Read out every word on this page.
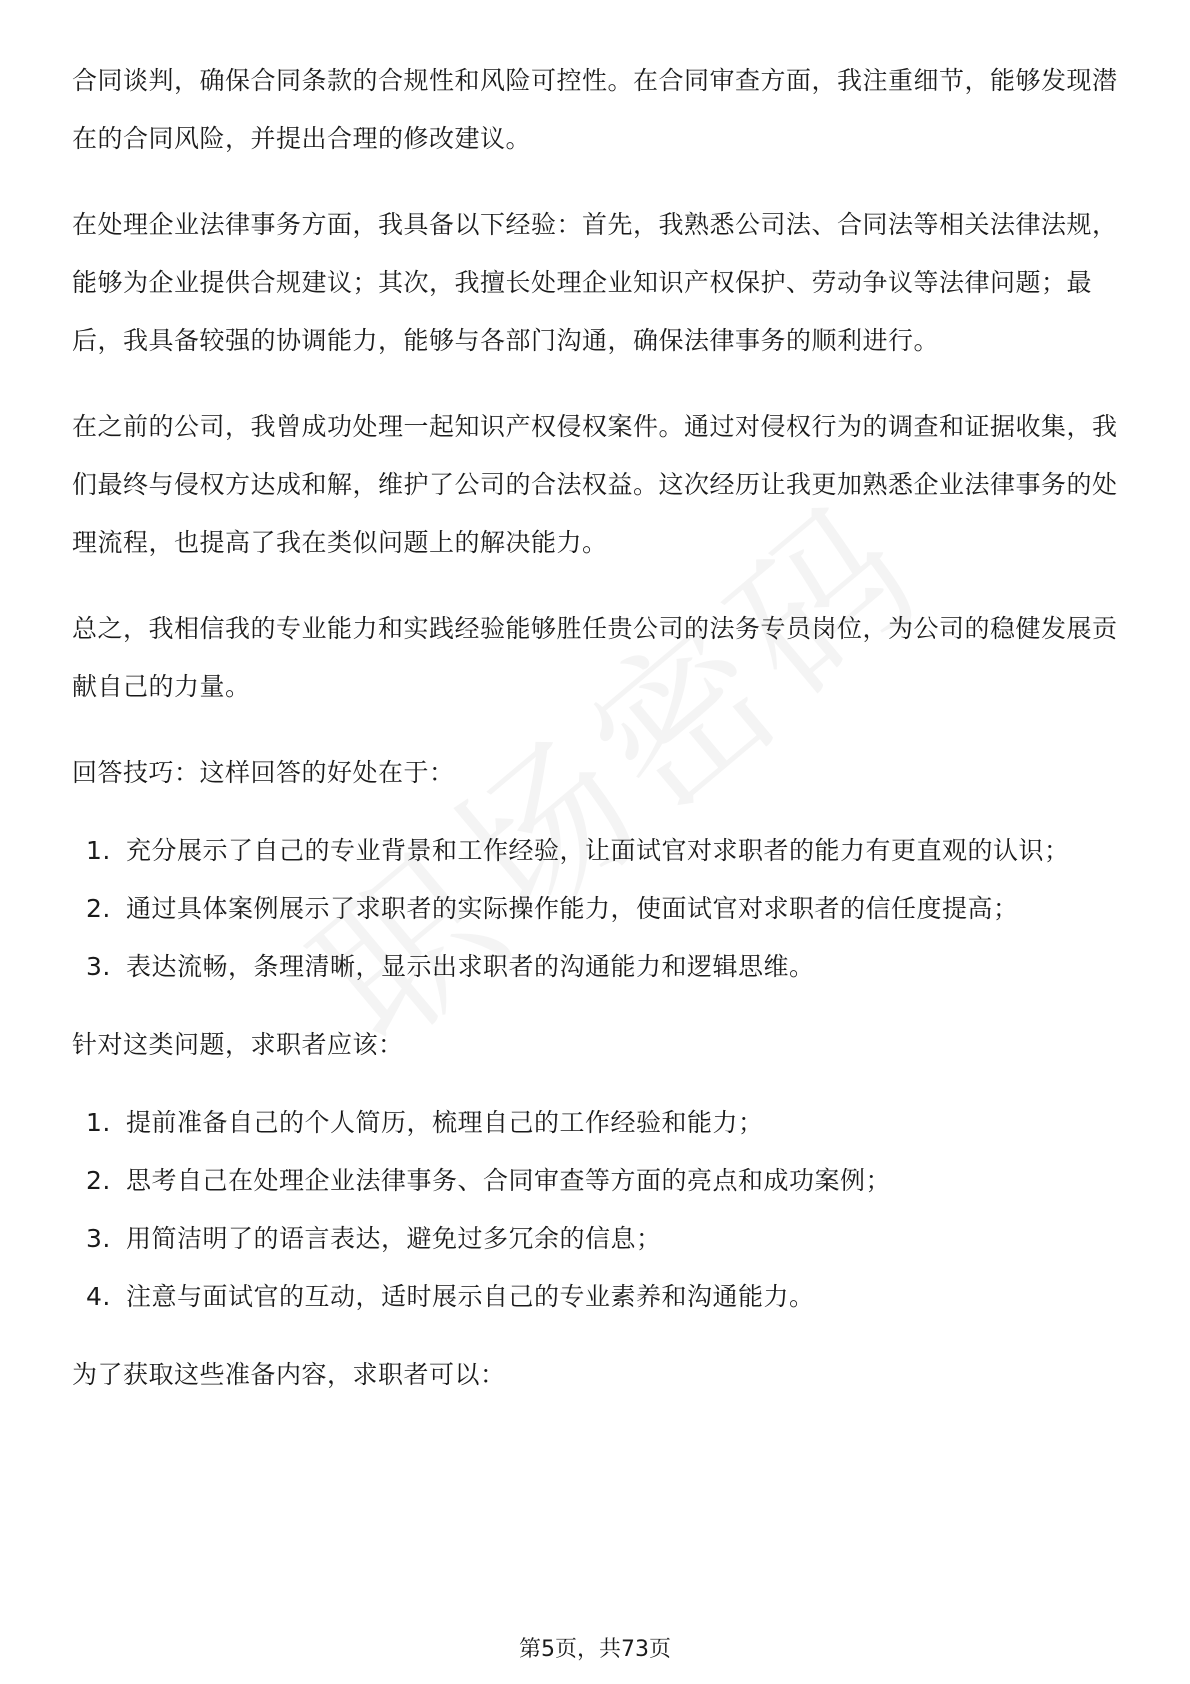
合同谈判，确保合同条款的合规性和风险可控性。在合同审查方面，我注重细节，能够发现潜在的合同风险，并提出合理的修改建议。

在处理企业法律事务方面，我具备以下经验：首先，我熟悉公司法、合同法等相关法律法规，能够为企业提供合规建议；其次，我擅长处理企业知识产权保护、劳动争议等法律问题；最后，我具备较强的协调能力，能够与各部门沟通，确保法律事务的顺利进行。

在之前的公司，我曾成功处理一起知识产权侵权案件。通过对侵权行为的调查和证据收集，我们最终与侵权方达成和解，维护了公司的合法权益。这次经历让我更加熟悉企业法律事务的处理流程，也提高了我在类似问题上的解决能力。

总之，我相信我的专业能力和实践经验能够胜任贵公司的法务专员岗位，为公司的稳健发展贡献自己的力量。

回答技巧：这样回答的好处在于：

1. 充分展示了自己的专业背景和工作经验，让面试官对求职者的能力有更直观的认识；
2. 通过具体案例展示了求职者的实际操作能力，使面试官对求职者的信任度提高；
3. 表达流畅，条理清晰，显示出求职者的沟通能力和逻辑思维。

针对这类问题，求职者应该：

1. 提前准备自己的个人简历，梳理自己的工作经验和能力；
2. 思考自己在处理企业法律事务、合同审查等方面的亮点和成功案例；
3. 用简洁明了的语言表达，避免过多冗余的信息；
4. 注意与面试官的互动，适时展示自己的专业素养和沟通能力。

为了获取这些准备内容，求职者可以：

第5页，共73页
